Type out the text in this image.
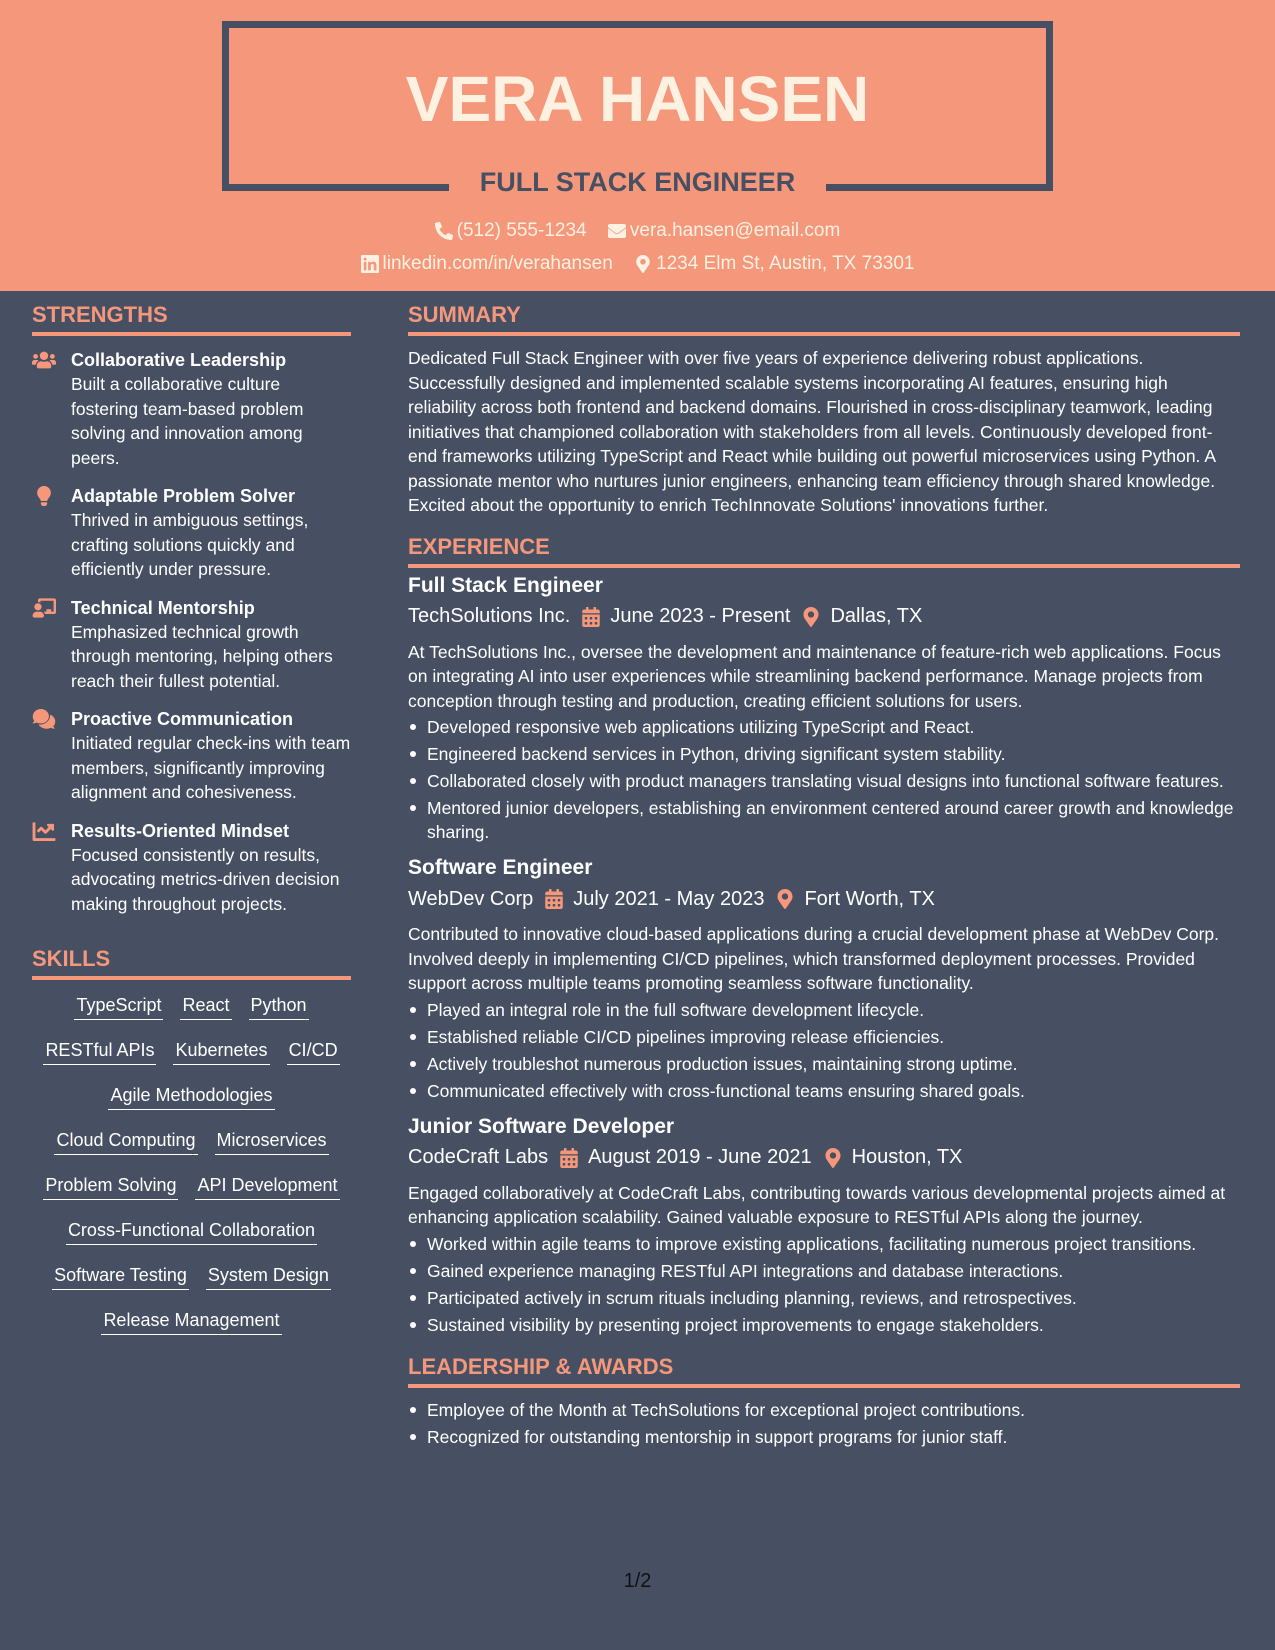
VERA HANSEN
FULL STACK ENGINEER
(512) 555-1234
vera.hansen@email.com
linkedin.com/in/verahansen
1234 Elm St, Austin, TX 73301
STRENGTHS
Collaborative Leadership
Built a collaborative culture fostering team-based problem solving and innovation among peers.
Adaptable Problem Solver
Thrived in ambiguous settings, crafting solutions quickly and efficiently under pressure.
Technical Mentorship
Emphasized technical growth through mentoring, helping others reach their fullest potential.
Proactive Communication
Initiated regular check-ins with team members, significantly improving alignment and cohesiveness.
Results-Oriented Mindset
Focused consistently on results, advocating metrics-driven decision making throughout projects.
SKILLS
TypeScript React Python
RESTful APIs Kubernetes CI/CD
Agile Methodologies
Cloud Computing Microservices
Problem Solving API Development
Cross-Functional Collaboration
Software Testing System Design
Release Management
SUMMARY
Dedicated Full Stack Engineer with over five years of experience delivering robust applications. Successfully designed and implemented scalable systems incorporating AI features, ensuring high reliability across both frontend and backend domains. Flourished in cross-disciplinary teamwork, leading initiatives that championed collaboration with stakeholders from all levels. Continuously developed front-end frameworks utilizing TypeScript and React while building out powerful microservices using Python. A passionate mentor who nurtures junior engineers, enhancing team efficiency through shared knowledge. Excited about the opportunity to enrich TechInnovate Solutions' innovations further.
EXPERIENCE
Full Stack Engineer
TechSolutions Inc. June 2023 - Present Dallas, TX
At TechSolutions Inc., oversee the development and maintenance of feature-rich web applications. Focus on integrating AI into user experiences while streamlining backend performance. Manage projects from conception through testing and production, creating efficient solutions for users.
Developed responsive web applications utilizing TypeScript and React.
Engineered backend services in Python, driving significant system stability.
Collaborated closely with product managers translating visual designs into functional software features.
Mentored junior developers, establishing an environment centered around career growth and knowledge sharing.
Software Engineer
WebDev Corp July 2021 - May 2023 Fort Worth, TX
Contributed to innovative cloud-based applications during a crucial development phase at WebDev Corp. Involved deeply in implementing CI/CD pipelines, which transformed deployment processes. Provided support across multiple teams promoting seamless software functionality.
Played an integral role in the full software development lifecycle.
Established reliable CI/CD pipelines improving release efficiencies.
Actively troubleshot numerous production issues, maintaining strong uptime.
Communicated effectively with cross-functional teams ensuring shared goals.
Junior Software Developer
CodeCraft Labs August 2019 - June 2021 Houston, TX
Engaged collaboratively at CodeCraft Labs, contributing towards various developmental projects aimed at enhancing application scalability. Gained valuable exposure to RESTful APIs along the journey.
Worked within agile teams to improve existing applications, facilitating numerous project transitions.
Gained experience managing RESTful API integrations and database interactions.
Participated actively in scrum rituals including planning, reviews, and retrospectives.
Sustained visibility by presenting project improvements to engage stakeholders.
LEADERSHIP & AWARDS
Employee of the Month at TechSolutions for exceptional project contributions.
Recognized for outstanding mentorship in support programs for junior staff.
1/2
